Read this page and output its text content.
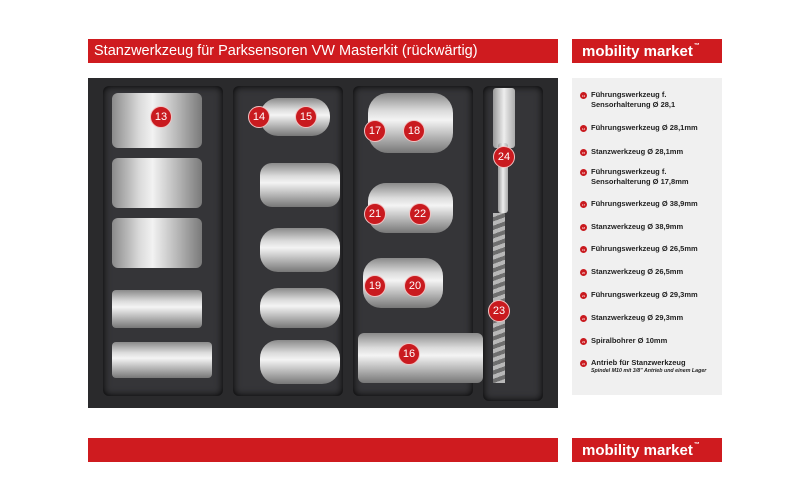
Stanzwerkzeug für Parksensoren VW Masterkit (rückwärtig)	mobility market™
13	14	15
17	18
24
21	22
19	20
23
16
13 Führungswerkzeug f.
Sensorhalterung Ø 28,1
14 Führungswerkzeug Ø 28,1mm
15 Stanzwerkzeug Ø 28,1mm
16 Führungswerkzeug f.
Sensorhalterung Ø 17,8mm
17 Führungswerkzeug Ø 38,9mm
18 Stanzwerkzeug Ø 38,9mm
19 Führungswerkzeug Ø 26,5mm
20 Stanzwerkzeug Ø 26,5mm
21 Führungswerkzeug Ø 29,3mm
22 Stanzwerkzeug Ø 29,3mm
23 Spiralbohrer Ø 10mm
24 Antrieb für Stanzwerkzeug
Spindel M10 mit 3/8" Antrieb und einem Lager
mobility market™
